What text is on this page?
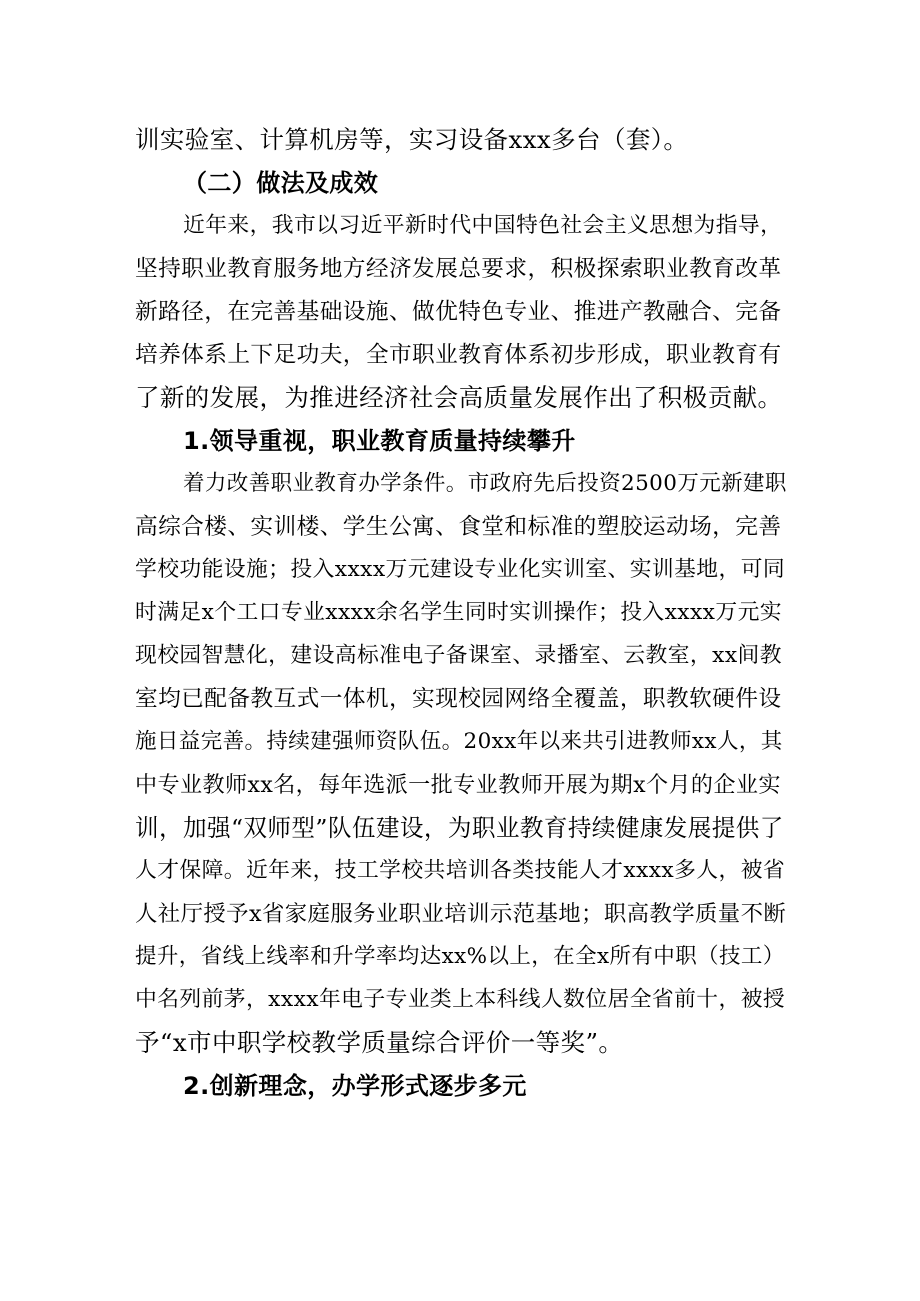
训实验室、计算机房等，实习设备xxx多台（套）。
（二）做法及成效
近年来，我市以习近平新时代中国特色社会主义思想为指导，
坚持职业教育服务地方经济发展总要求，积极探索职业教育改革
新路径，在完善基础设施、做优特色专业、推进产教融合、完备
培养体系上下足功夫，全市职业教育体系初步形成，职业教育有
了新的发展，为推进经济社会高质量发展作出了积极贡献。
1.领导重视，职业教育质量持续攀升
着力改善职业教育办学条件。市政府先后投资2500万元新建职
高综合楼、实训楼、学生公寓、食堂和标准的塑胶运动场，完善
学校功能设施；投入xxxx万元建设专业化实训室、实训基地，可同
时满足x个工口专业xxxx余名学生同时实训操作；投入xxxx万元实
现校园智慧化，建设高标准电子备课室、录播室、云教室，xx间教
室均已配备教互式一体机，实现校园网络全覆盖，职教软硬件设
施日益完善。持续建强师资队伍。20xx年以来共引进教师xx人，其
中专业教师xx名，每年选派一批专业教师开展为期x个月的企业实
训，加强“双师型”队伍建设，为职业教育持续健康发展提供了
人才保障。近年来，技工学校共培训各类技能人才xxxx多人，被省
人社厅授予x省家庭服务业职业培训示范基地；职高教学质量不断
提升，省线上线率和升学率均达xx%以上，在全x所有中职（技工）
中名列前茅，xxxx年电子专业类上本科线人数位居全省前十，被授
予“x市中职学校教学质量综合评价一等奖”。
2.创新理念，办学形式逐步多元
